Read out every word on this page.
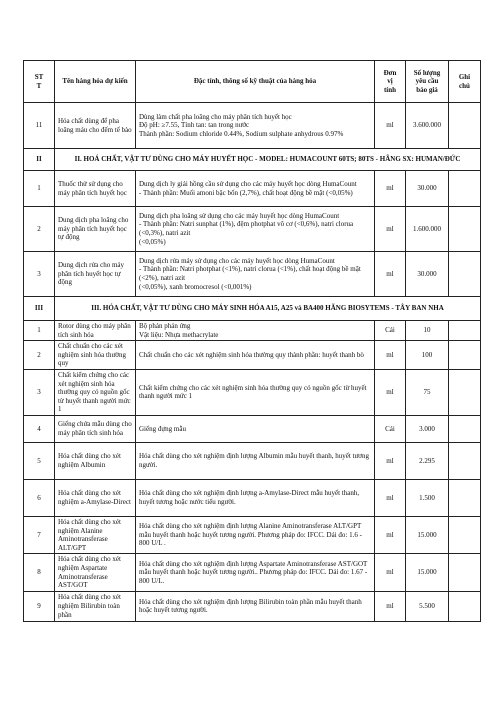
ST
T	Tên hàng hóa dự kiến	Đặc tính, thông số kỹ thuật của hàng hóa	Đơn
vị
tính	Số lượng
yêu cầu
báo giá	Ghi
chú
11	Hóa chất dùng để pha loãng máu cho đếm tế bào	Dùng làm chất pha loãng cho máy phân tích huyết học
Độ pH: ≥7.55, Tính tan: tan trong nước
Thành phần: Sodium chloride 0.44%, Sodium sulphate anhydrous 0.97%	ml	3.600.000	
II	II. HOÁ CHẤT, VẬT TƯ DÙNG CHO MÁY HUYẾT HỌC - MODEL: HUMACOUNT 60TS; 80TS - HÃNG SX: HUMAN/ĐỨC				
1	Thuốc thử sử dụng cho máy phân tích huyết học	Dung dịch ly giải hồng cầu sử dụng cho các máy huyết học dòng HumaCount
- Thành phần: Muối amoni bậc bốn (2,7%), chất hoạt động bề mặt (<0,05%)	ml	30.000	
2	Dung dịch pha loãng cho máy phân tích huyết học tự động	Dung dịch pha loãng sử dụng cho các máy huyết học dòng HumaCount
- Thành phần: Natri sunphat (1%), đệm photphat vô cơ (<0,6%), natri clorua (<0,3%), natri azit
(<0,05%)	ml	1.600.000	
3	Dung dịch rửa cho máy phân tích huyết học tự động	Dung dịch rửa máy sử dụng cho các máy huyết học dòng HumaCount
- Thành phần: Natri photphat (<1%), natri clorua (<1%), chất hoạt động bề mặt (<2%), natri azit
(<0,05%), xanh bromocresol (<0,001%)	ml	30.000	
III	III. HÓA CHẤT, VẬT TƯ DÙNG CHO MÁY SINH HÓA A15, A25 và BA400 HÃNG BIOSYTEMS - TÂY BAN NHA				
1	Rotor dùng cho máy phân tích sinh hóa	Bộ phản phản ứng
Vật liệu: Nhựa methacrylate	Cái	10	
2	Chất chuẩn cho các xét nghiệm sinh hóa thường quy	Chất chuẩn cho các xét nghiệm sinh hóa thường quy thành phần: huyết thanh bò	ml	100	
3	Chất kiểm chứng cho các xét nghiệm sinh hóa thường quy có nguồn gốc từ huyết thanh người mức 1	Chất kiểm chứng cho các xét nghiệm sinh hóa thường quy có nguồn gốc từ huyết thanh người mức 1	ml	75	
4	Giếng chứa mẫu dùng cho máy phân tích sinh hóa	Giếng đựng mẫu	Cái	3.000	
5	Hóa chất dùng cho xét nghiệm Albumin	Hóa chất dùng cho xét nghiệm định lượng Albumin mẫu huyết thanh, huyết tương người.	ml	2.295	
6	Hóa chất dùng cho xét nghiệm a-Amylase-Direct	Hóa chất dùng cho xét nghiệm định lượng a-Amylase-Direct mẫu huyết thanh, huyết tương hoặc nước tiểu người.	ml	1.500	
7	Hóa chất dùng cho xét nghiệm Alanine Aminotransferase ALT/GPT	Hóa chất dùng cho xét nghiệm định lượng Alanine Aminotransferase ALT/GPT mẫu huyết thanh hoặc huyết tương người. Phương pháp đo: IFCC. Dải đo: 1.6 - 800 U/L .	ml	15.000	
8	Hóa chất dùng cho xét nghiệm Aspartate Aminotransferase AST/GOT	Hóa chất dùng cho xét nghiệm định lượng Aspartate Aminotransferase AST/GOT mẫu huyết thanh hoặc huyết tương người.. Phương pháp đo: IFCC. Dải đo: 1.67 - 800 U/L.	ml	15.000	
9	Hóa chất dùng cho xét nghiệm Bilirubin toàn phần	Hóa chất dùng cho xét nghiệm định lượng Bilirubin toàn phần mẫu huyết thanh hoặc huyết tương người.	ml	5.500	
